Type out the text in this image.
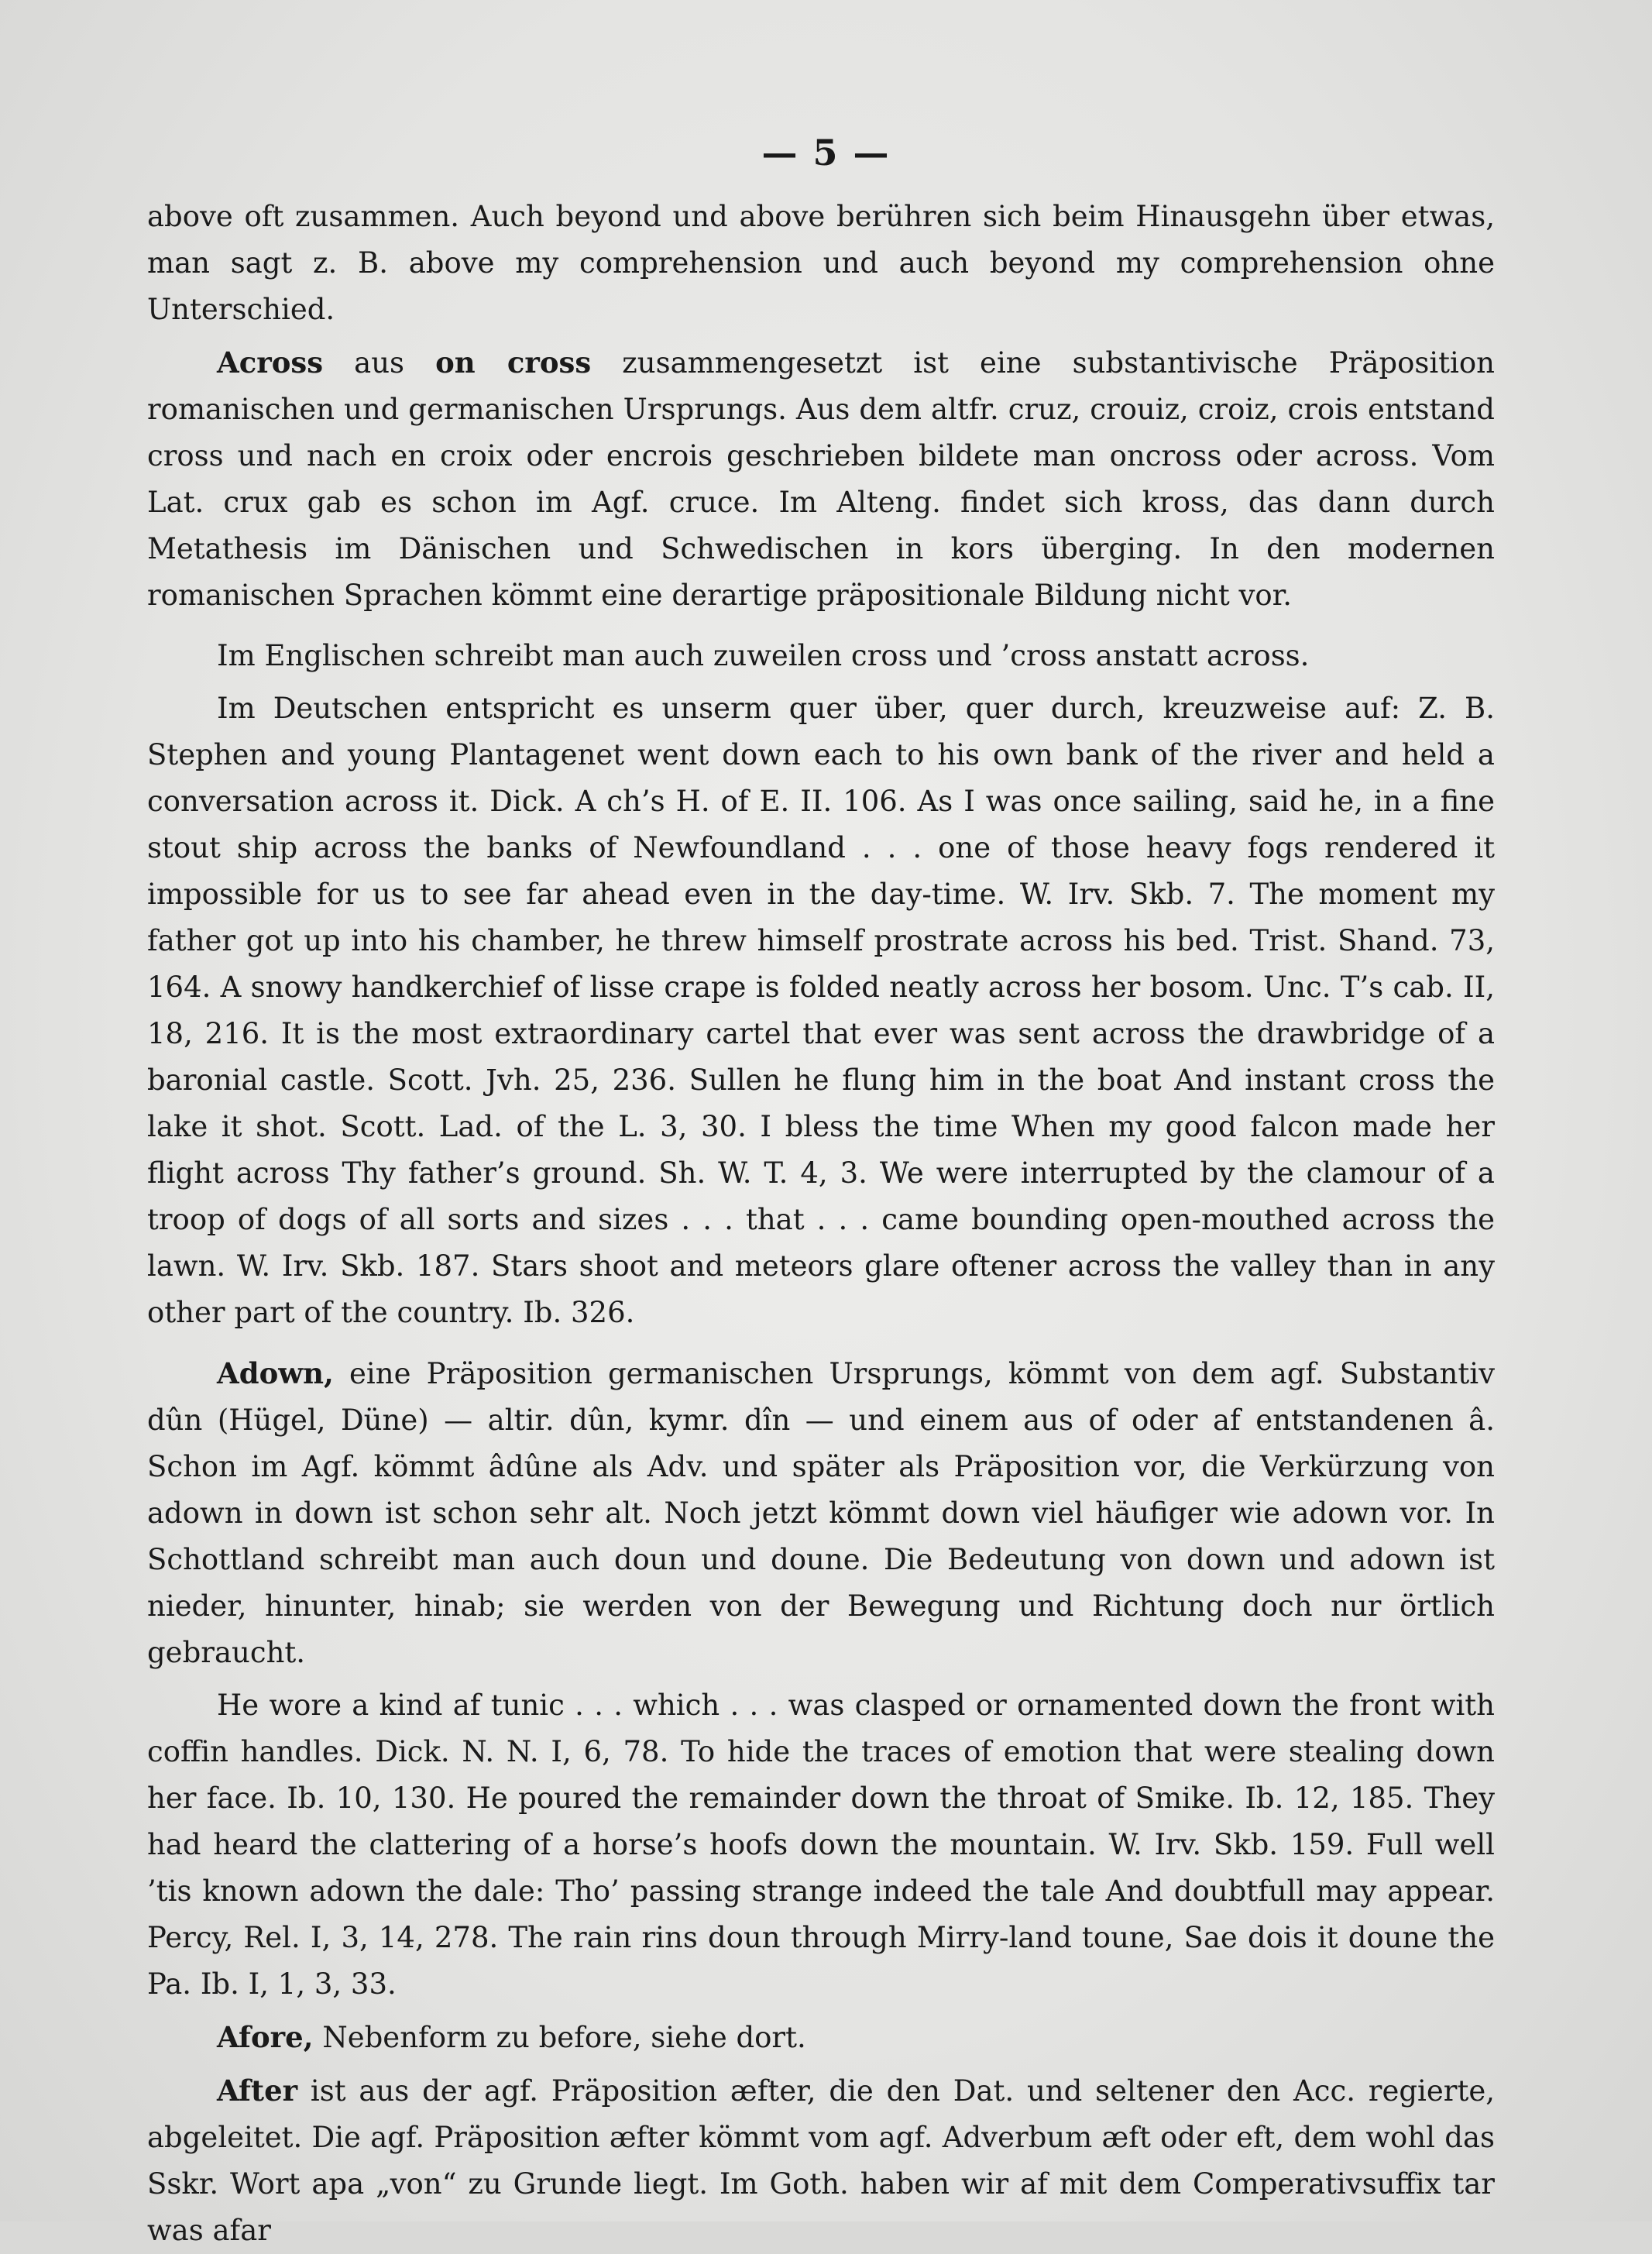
— 5 —

above oft zusammen. Auch beyond und above berühren sich beim Hinausgehn über etwas, man sagt z. B. above my comprehension und auch beyond my comprehension ohne Unterschied.

Across aus on cross zusammengesetzt ist eine substantivische Präposition romanischen und germanischen Ursprungs. Aus dem altfr. cruz, crouiz, croiz, crois entstand cross und nach en croix oder encrois geschrieben bildete man oncross oder across. Vom Lat. crux gab es schon im Agf. cruce. Im Alteng. findet sich kross, das dann durch Metathesis im Dänischen und Schwedischen in kors überging. In den modernen romanischen Sprachen kömmt eine derartige präpositionale Bildung nicht vor.

Im Englischen schreibt man auch zuweilen cross und ’cross anstatt across.

Im Deutschen entspricht es unserm quer über, quer durch, kreuzweise auf: Z. B. Stephen and young Plantagenet went down each to his own bank of the river and held a conversation across it. Dick. A ch’s H. of E. II. 106. As I was once sailing, said he, in a fine stout ship across the banks of Newfoundland . . . one of those heavy fogs rendered it impossible for us to see far ahead even in the day-time. W. Irv. Skb. 7. The moment my father got up into his chamber, he threw himself prostrate across his bed. Trist. Shand. 73, 164. A snowy handkerchief of lisse crape is folded neatly across her bosom. Unc. T’s cab. II, 18, 216. It is the most extraordinary cartel that ever was sent across the drawbridge of a baronial castle. Scott. Jvh. 25, 236. Sullen he flung him in the boat And instant cross the lake it shot. Scott. Lad. of the L. 3, 30. I bless the time When my good falcon made her flight across Thy father’s ground. Sh. W. T. 4, 3. We were interrupted by the clamour of a troop of dogs of all sorts and sizes . . . that . . . came bounding open-mouthed across the lawn. W. Irv. Skb. 187. Stars shoot and meteors glare oftener across the valley than in any other part of the country. Ib. 326.

Adown, eine Präposition germanischen Ursprungs, kömmt von dem agf. Substantiv dûn (Hügel, Düne) — altir. dûn, kymr. dîn — und einem aus of oder af entstandenen â. Schon im Agf. kömmt âdûne als Adv. und später als Präposition vor, die Verkürzung von adown in down ist schon sehr alt. Noch jetzt kömmt down viel häufiger wie adown vor. In Schottland schreibt man auch doun und doune. Die Bedeutung von down und adown ist nieder, hinunter, hinab; sie werden von der Bewegung und Richtung doch nur örtlich gebraucht.

He wore a kind af tunic . . . which . . . was clasped or ornamented down the front with coffin handles. Dick. N. N. I, 6, 78. To hide the traces of emotion that were stealing down her face. Ib. 10, 130. He poured the remainder down the throat of Smike. Ib. 12, 185. They had heard the clattering of a horse’s hoofs down the mountain. W. Irv. Skb. 159. Full well ’tis known adown the dale: Tho’ passing strange indeed the tale And doubtfull may appear. Percy, Rel. I, 3, 14, 278. The rain rins doun through Mirry-land toune, Sae dois it doune the Pa. Ib. I, 1, 3, 33.

Afore, Nebenform zu before, siehe dort.

After ist aus der agf. Präposition æfter, die den Dat. und seltener den Acc. regierte, abgeleitet. Die agf. Präposition æfter kömmt vom agf. Adverbum æft oder eft, dem wohl das Sskr. Wort apa „von“ zu Grunde liegt. Im Goth. haben wir af mit dem Comperativsuffix tar was afar
